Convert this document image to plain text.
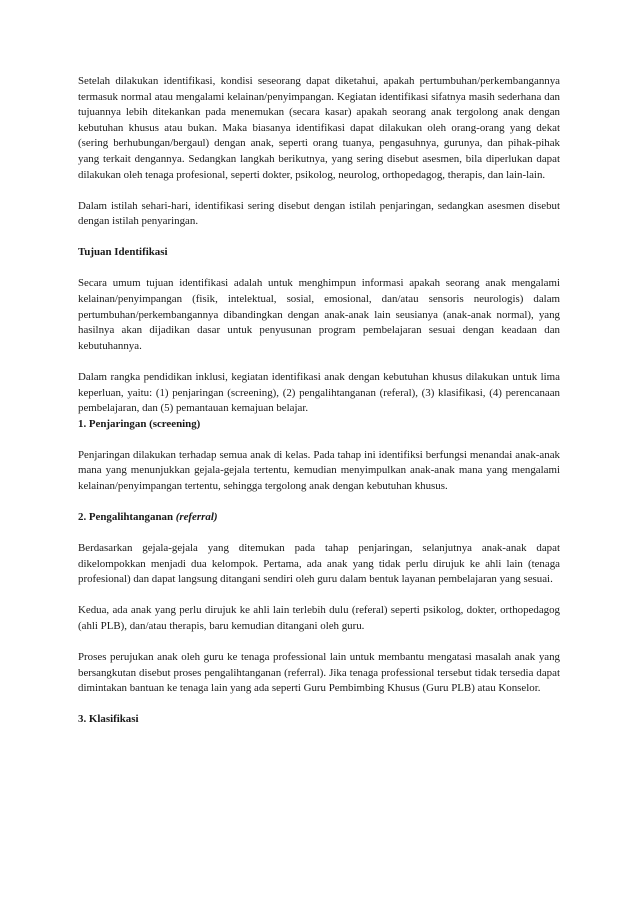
Setelah dilakukan identifikasi, kondisi seseorang dapat diketahui, apakah pertumbuhan/perkembangannya termasuk normal atau mengalami kelainan/penyimpangan. Kegiatan identifikasi sifatnya masih sederhana dan tujuannya lebih ditekankan pada menemukan (secara kasar) apakah seorang anak tergolong anak dengan kebutuhan khusus atau bukan. Maka biasanya identifikasi dapat dilakukan oleh orang-orang yang dekat (sering berhubungan/bergaul) dengan anak, seperti orang tuanya, pengasuhnya, gurunya, dan pihak-pihak yang terkait dengannya. Sedangkan langkah berikutnya, yang sering disebut asesmen, bila diperlukan dapat dilakukan oleh tenaga profesional, seperti dokter, psikolog, neurolog, orthopedagog, therapis, dan lain-lain.

Dalam istilah sehari-hari, identifikasi sering disebut dengan istilah penjaringan, sedangkan asesmen disebut dengan istilah penyaringan.

Tujuan Identifikasi

Secara umum tujuan identifikasi adalah untuk menghimpun informasi apakah seorang anak mengalami kelainan/penyimpangan (fisik, intelektual, sosial, emosional, dan/atau sensoris neurologis) dalam pertumbuhan/perkembangannya dibandingkan dengan anak-anak lain seusianya (anak-anak normal), yang hasilnya akan dijadikan dasar untuk penyusunan program pembelajaran sesuai dengan keadaan dan kebutuhannya.

Dalam rangka pendidikan inklusi, kegiatan identifikasi anak dengan kebutuhan khusus dilakukan untuk lima keperluan, yaitu: (1) penjaringan (screening), (2) pengalihtanganan (referal), (3) klasifikasi, (4) perencanaan pembelajaran, dan (5) pemantauan kemajuan belajar.

1. Penjaringan (screening)

Penjaringan dilakukan terhadap semua anak di kelas. Pada tahap ini identifiksi berfungsi menandai anak-anak mana yang menunjukkan gejala-gejala tertentu, kemudian menyimpulkan anak-anak mana yang mengalami kelainan/penyimpangan tertentu, sehingga tergolong anak dengan kebutuhan khusus.

2. Pengalihtanganan (referral)

Berdasarkan gejala-gejala yang ditemukan pada tahap penjaringan, selanjutnya anak-anak dapat dikelompokkan menjadi dua kelompok. Pertama, ada anak yang tidak perlu dirujuk ke ahli lain (tenaga profesional) dan dapat langsung ditangani sendiri oleh guru dalam bentuk layanan pembelajaran yang sesuai.

Kedua, ada anak yang perlu dirujuk ke ahli lain terlebih dulu (referal) seperti psikolog, dokter, orthopedagog (ahli PLB), dan/atau therapis, baru kemudian ditangani oleh guru.

Proses perujukan anak oleh guru ke tenaga professional lain untuk membantu mengatasi masalah anak yang bersangkutan disebut proses pengalihtanganan (referral). Jika tenaga professional tersebut tidak tersedia dapat dimintakan bantuan ke tenaga lain yang ada seperti Guru Pembimbing Khusus (Guru PLB) atau Konselor.

3. Klasifikasi
